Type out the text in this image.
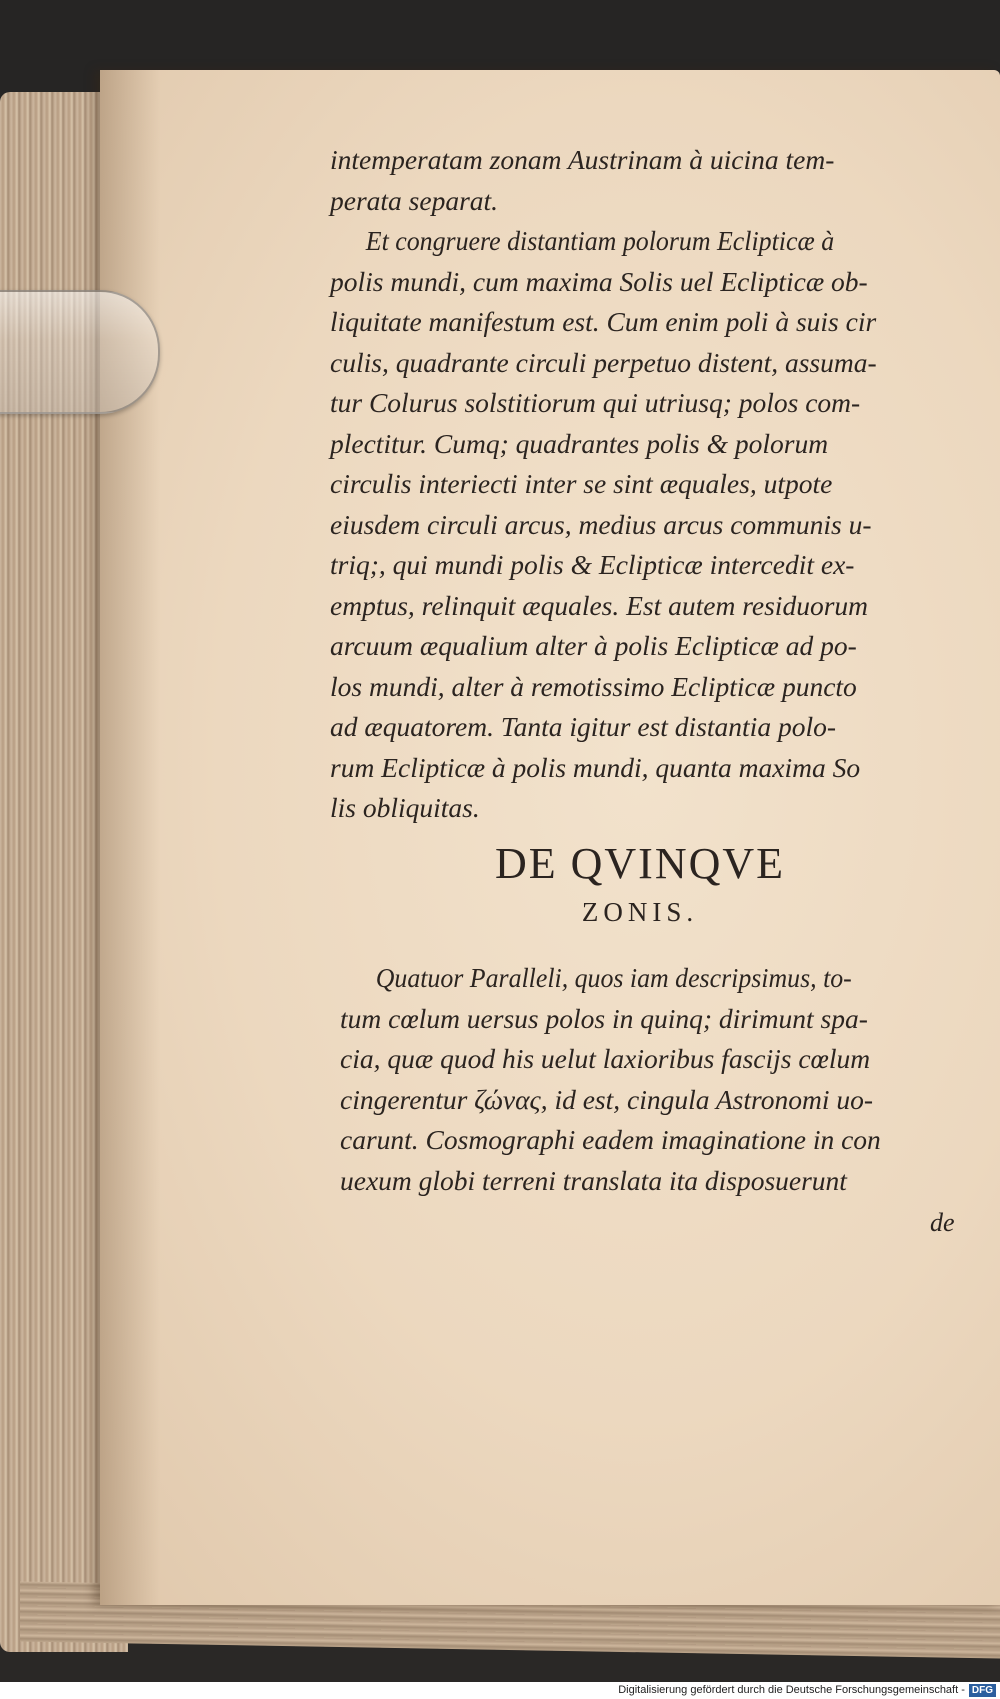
intemperatam zonam Austrinam à uicina tem-
perata separat.
Et congruere distantiam polorum Eclipticæ à
polis mundi, cum maxima Solis uel Eclipticæ ob-
liquitate manifestum est. Cum enim poli à suis cir
culis, quadrante circuli perpetuo distent, assuma-
tur Colurus solstitiorum qui utriusq; polos com-
plectitur. Cumq; quadrantes polis & polorum
circulis interiecti inter se sint æquales, utpote
eiusdem circuli arcus, medius arcus communis u-
triq;, qui mundi polis & Eclipticæ intercedit ex-
emptus, relinquit æquales. Est autem residuorum
arcuum æqualium alter à polis Eclipticæ ad po-
los mundi, alter à remotissimo Eclipticæ puncto
ad æquatorem. Tanta igitur est distantia polo-
rum Eclipticæ à polis mundi, quanta maxima So
lis obliquitas.
DE QVINQVE
ZONIS.
Quatuor Paralleli, quos iam descripsimus, to-
tum cœlum uersus polos in quinq; dirimunt spa-
cia, quæ quod his uelut laxioribus fascijs cœlum
cingerentur ζώνας, id est, cingula Astronomi uo-
carunt. Cosmographi eadem imaginatione in con
uexum globi terreni translata ita disposuerunt
de
Digitalisierung gefördert durch die Deutsche Forschungsgemeinschaft - DFG
